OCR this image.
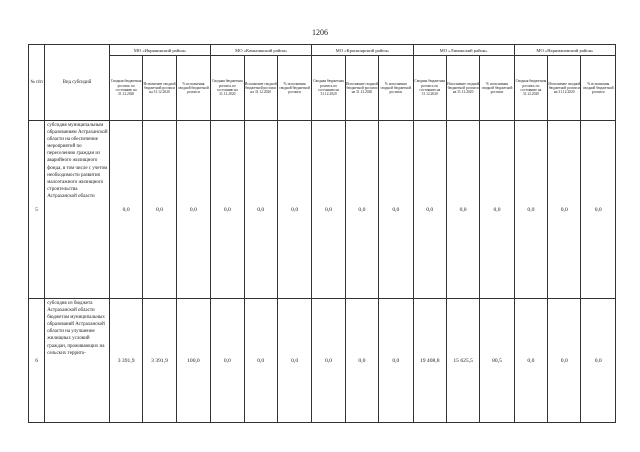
1206
№ п/п	Вид субсидий	МО «Икрянинский район»			МО «Камызякский район»			МО «Красноярский район»			МО «Лиманский район»			МО «Наримановский район»		
		Сводная бюджетная роспись по состоянию на 31.12.2020	Исполнение сводной бюджетной росписи на 31.12.2020	% исполнения сводной бюджетной росписи	Сводная бюджетная роспись по состоянию на 31.12.2020	Исполнение сводной бюджетной росписи на 31.12.2020	% исполнения сводной бюджетной росписи	Сводная бюджетная роспись по состоянию на 31.12.2020	Исполнение сводной бюджетной росписи на 31.12.2020	% исполнения сводной бюджетной росписи	Сводная бюджетная роспись по состоянию на 31.12.2020	Исполнение сводной бюджетной росписи на 31.12.2020	% исполнения сводной бюджетной росписи	Сводная бюджетная роспись по состоянию на 31.12.2020	Исполнение сводной бюджетной росписи на 31.12.2020	% исполнения сводной бюджетной росписи
5	субсидия муниципальным образованиям Астраханской области на обеспечение мероприятий по переселению граждан из аварийного жилищного фонда, в том числе с учетом необходимости развития малоэтажного жилищного строительства Астраханской области	0,0	0,0	0,0	0,0	0,0	0,0	0,0	0,0	0,0	0,0	0,0	0,0	0,0	0,0	0,0
6	субсидия из бюджета Астраханской области бюджетам муниципальных образований Астраханской области на улучшение жилищных условий граждан, проживающих на сельских террито-	3 391,9	3 391,9	100,0	0,0	0,0	0,0	0,0	0,0	0,0	19 408,8	15 625,5	80,5	0,0	0,0	0,0
